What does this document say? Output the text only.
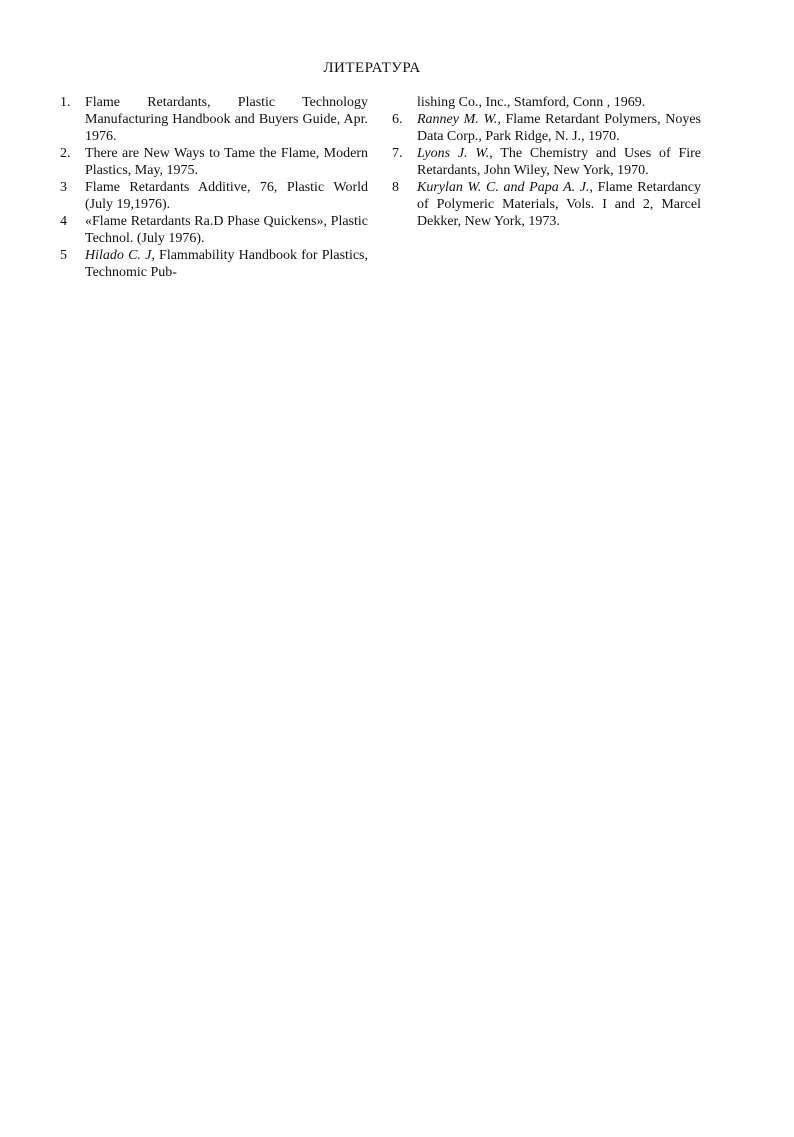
ЛИТЕРАТУРА

1. Flame Retardants, Plastic Technology Manufacturing Handbook and Buyers Guide, Apr. 1976.

2. There are New Ways to Tame the Flame, Modern Plastics, May, 1975.

3 Flame Retardants Additive, 76, Plastic World (July 19,1976).

4 «Flame Retardants Ra.D Phase Quickens», Plastic Technol. (July 1976).

5 Hilado C. J, Flammability Handbook for Plastics, Technomic Pub-

lishing Co., Inc., Stamford, Conn , 1969.

6. Ranney M. W., Flame Retardant Polymers, Noyes Data Corp., Park Ridge, N. J., 1970.

7. Lyons J. W., The Chemistry and Uses of Fire Retardants, John Wiley, New York, 1970.

8 Kurylan W. C. and Papa A. J., Flame Retardancy of Polymeric Materials, Vols. I and 2, Marcel Dekker, New York, 1973.
